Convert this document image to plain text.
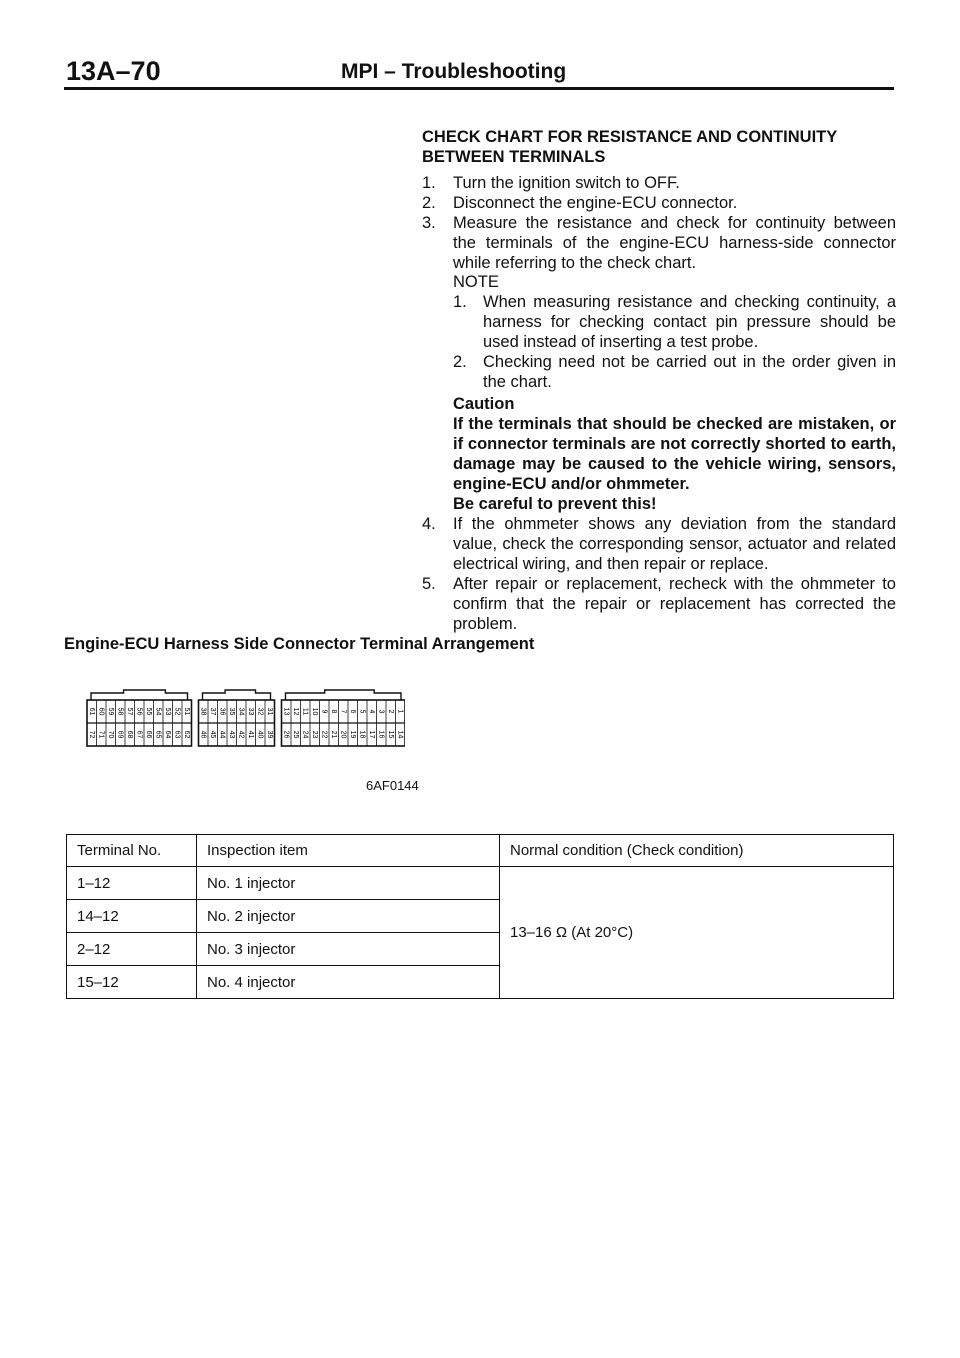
13A–70	MPI – Troubleshooting
CHECK CHART FOR RESISTANCE AND CONTINUITY
BETWEEN TERMINALS
1.	Turn the ignition switch to OFF.
2.	Disconnect the engine-ECU connector.
3.	Measure the resistance and check for continuity between the terminals of the engine-ECU harness-side connector while referring to the check chart.
NOTE
1. When measuring resistance and checking continuity, a harness for checking contact pin pressure should be used instead of inserting a test probe.
2. Checking need not be carried out in the order given in the chart.
Caution
If the terminals that should be checked are mistaken, or if connector terminals are not correctly shorted to earth, damage may be caused to the vehicle wiring, sensors, engine-ECU and/or ohmmeter.
Be careful to prevent this!
4.	If the ohmmeter shows any deviation from the standard value, check the corresponding sensor, actuator and related electrical wiring, and then repair or replace.
5.	After repair or replacement, recheck with the ohmmeter to confirm that the repair or replacement has corrected the problem.
Engine-ECU Harness Side Connector Terminal Arrangement
61 60 59 58 57 56 55 54 53 52 51
72 71 70 69 68 67 66 65 64 63 62
38 37 36 35 34 33 32 31
46 45 44 43 42 41 40 39
13 12 11 10 9 8 7 6 5 4 3 2 1
26 25 24 23 22 21 20 19 18 17 16 15 14
6AF0144
Terminal No.	Inspection item	Normal condition (Check condition)
1–12	No. 1 injector	13–16 Ω (At 20°C)
14–12	No. 2 injector	
2–12	No. 3 injector	
15–12	No. 4 injector	
